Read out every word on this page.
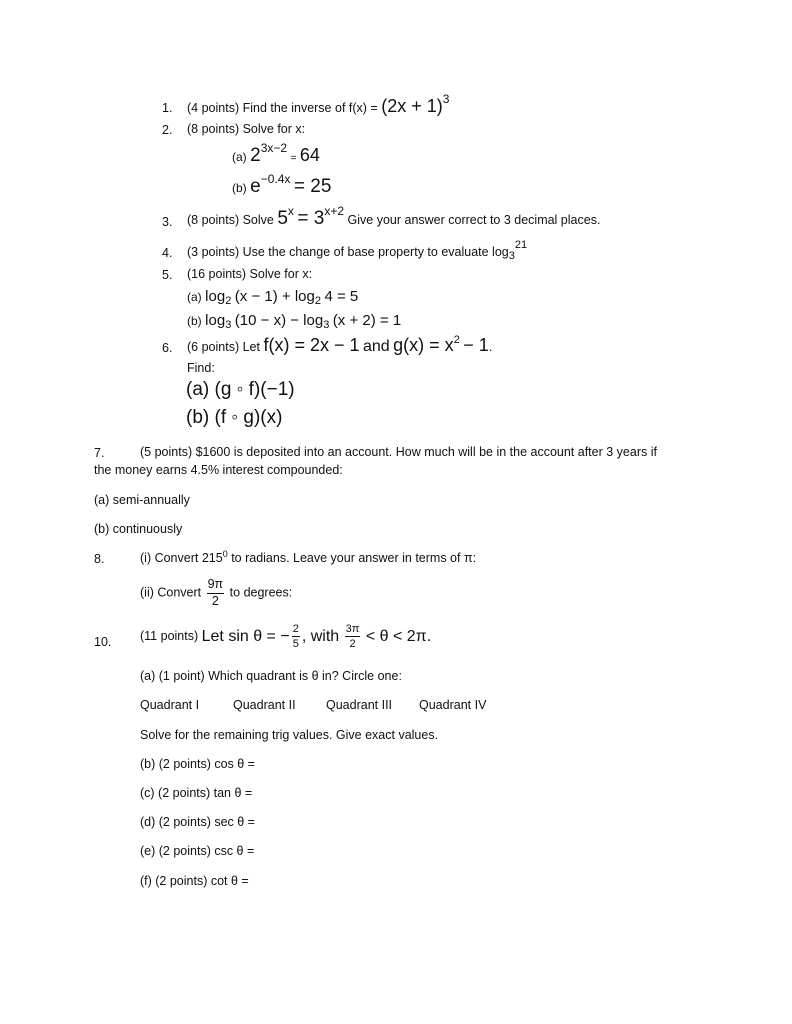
1. (4 points) Find the inverse of f(x) = (2x + 1)3
2. (8 points) Solve for x:
(a) 23x−2 = 64
(b) e−0.4x = 25
3. (8 points) Solve 5x = 3x+2 Give your answer correct to 3 decimal places.
4. (3 points) Use the change of base property to evaluate log321
5. (16 points) Solve for x:
(a) log2 (x − 1) + log2 4 = 5
(b) log3 (10 − x) − log3 (x + 2) = 1
6. (6 points) Let f(x) = 2x − 1 and g(x) = x2 − 1.
Find:
(a) (g ◦ f)(−1)
(b) (f ◦ g)(x)
7.	(5 points) $1600 is deposited into an account. How much will be in the account after 3 years if
the money earns 4.5% interest compounded:
(a) semi-annually
(b) continuously
8.	(i) Convert $215^0$ to radians. Leave your answer in terms of π:
(ii) Convert $\frac{9\pi}{2}$ to degrees:
10. (11 points) Let sin θ = − $\frac{2}{5}$ , with $\frac{3\pi}{2} < \theta < 2\pi$.
(a) (1 point) Which quadrant is θ in? Circle one:
Quadrant I	Quadrant II Quadrant III Quadrant IV
Solve for the remaining trig values. Give exact values.
(b) (2 points) cos θ =
(c) (2 points) tan θ =
(d) (2 points) sec θ =
(e) (2 points) csc θ =
(f) (2 points) cot θ =
